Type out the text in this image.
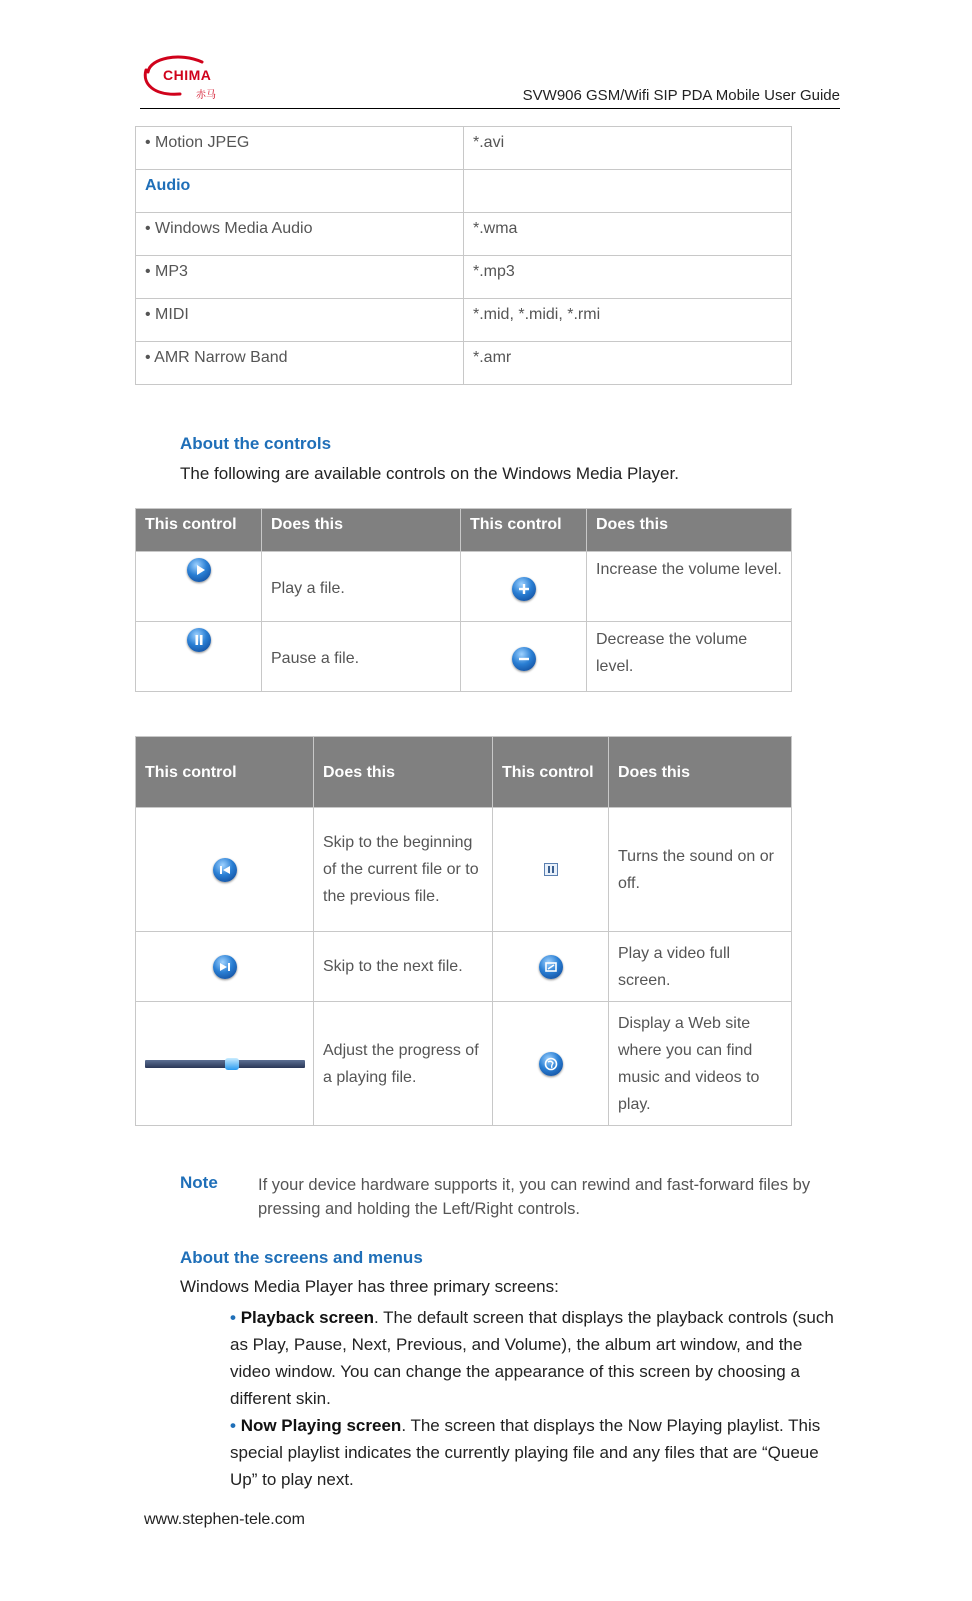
CHIMA
赤马	SVW906 GSM/Wifi SIP PDA Mobile User Guide
• Motion JPEG	*.avi
Audio	
• Windows Media Audio	*.wma
• MP3	*.mp3
• MIDI	*.mid, *.midi, *.rmi
• AMR Narrow Band	*.amr
About the controls
The following are available controls on the Windows Media Player.
This control	Does this	This control	Does this

	Play a file.		Increase the volume level.

	Pause a file.		Decrease the volume level.
This control	Does this	This control	Does this

	Skip to the beginning of the current file or to the previous file.		Turns the sound on or off.

	Skip to the next file.		Play a video full screen.

	Adjust the progress of a playing file.		Display a Web site where you can find music and videos to play.
Note If your device hardware supports it, you can rewind and fast-forward files by pressing and holding the Left/Right controls.
About the screens and menus
Windows Media Player has three primary screens:
• Playback screen. The default screen that displays the playback controls (such as Play, Pause, Next, Previous, and Volume), the album art window, and the video window. You can change the appearance of this screen by choosing a different skin.
• Now Playing screen. The screen that displays the Now Playing playlist. This special playlist indicates the currently playing file and any files that are “Queue Up” to play next.
www.stephen-tele.com
